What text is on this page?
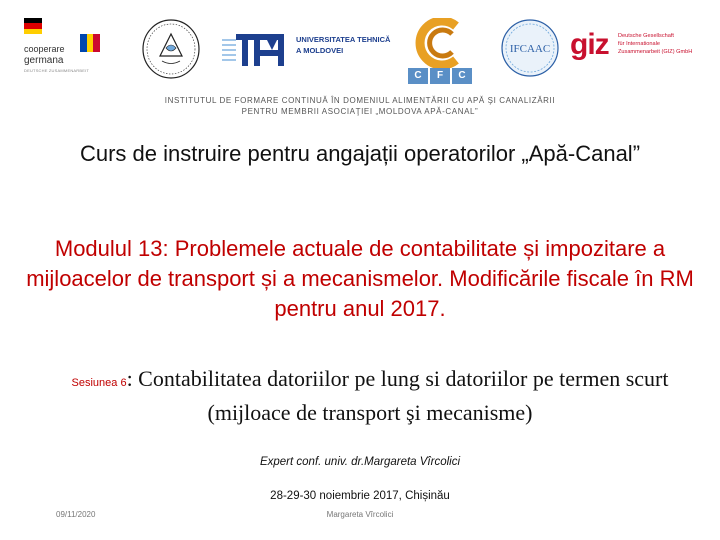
cooperare
germana
DEUTSCHE ZUSAMMENARBEIT
UNIVERSITATEA TEHNICĂ
A MOLDOVEI
C	F	C
IFCAAC giz Deutsche Gesellschaft
für Internationale
Zusammenarbeit (GIZ) GmbH
INSTITUTUL DE FORMARE CONTINUĂ ÎN DOMENIUL ALIMENTĂRII CU APĂ ŞI CANALIZĂRII
PENTRU MEMBRII ASOCIAŢIEI „MOLDOVA APĂ-CANAL”
Curs de instruire pentru angajații operatorilor „Apă-Canal”
Modulul 13: Problemele actuale de contabilitate și impozitare a mijloacelor de transport și a mecanismelor. Modificările fiscale în RM pentru anul 2017.
Sesiunea 6: Contabilitatea datoriilor pe lung si datoriilor pe termen scurt (mijloace de transport şi mecanisme)
Expert conf. univ. dr.Margareta Vîrcolici
28-29-30 noiembrie 2017, Chișinău
09/11/2020	Margareta Vîrcolici
